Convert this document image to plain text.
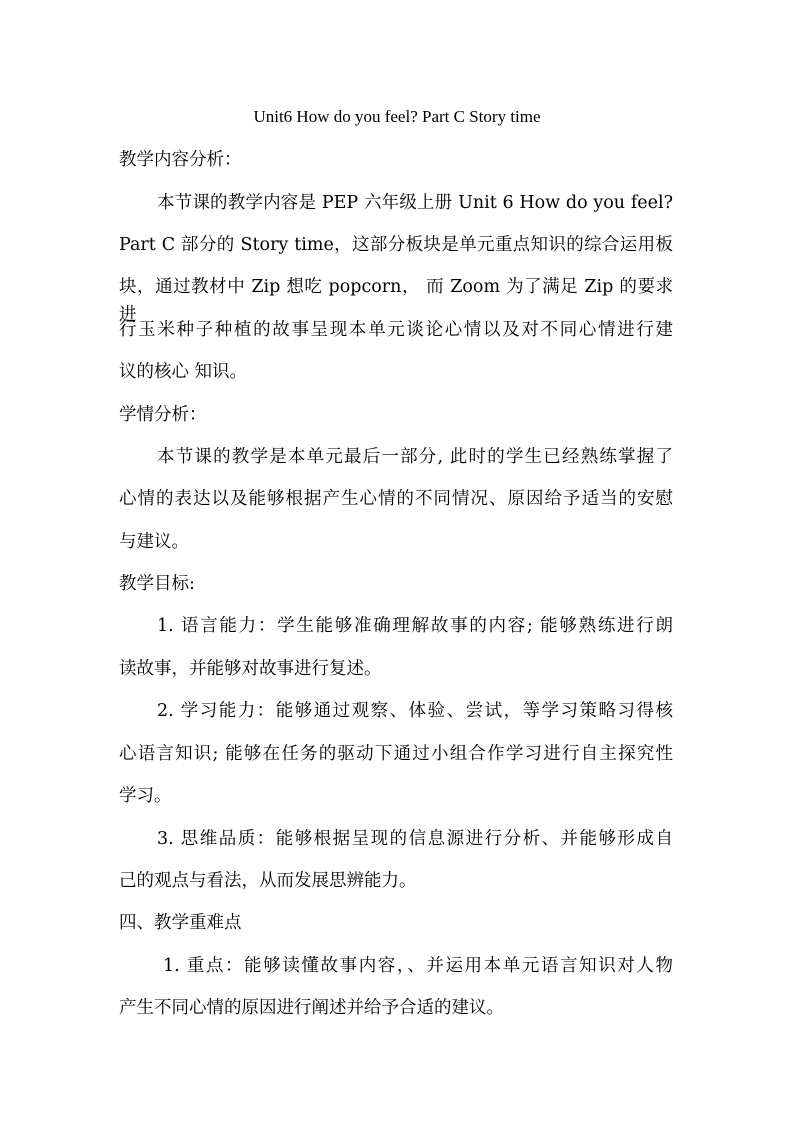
Unit6 How do you feel? Part C Story time
教学内容分析：
本节课的教学内容是 PEP 六年级上册 Unit 6 How do you feel?
Part C 部分的 Story time，这部分板块是单元重点知识的综合运用板
块，通过教材中 Zip 想吃 popcorn， 而 Zoom 为了满足 Zip 的要求进
行玉米种子种植的故事呈现本单元谈论心情以及对不同心情进行建
议的核心 知识。
学情分析：
本节课的教学是本单元最后一部分, 此时的学生已经熟练掌握了
心情的表达以及能够根据产生心情的不同情况、原因给予适当的安慰
与建议。
教学目标:
1. 语言能力：学生能够准确理解故事的内容; 能够熟练进行朗
读故事，并能够对故事进行复述。
2. 学习能力：能够通过观察、体验、尝试，等学习策略习得核
心语言知识; 能够在任务的驱动下通过小组合作学习进行自主探究性
学习。
3. 思维品质：能够根据呈现的信息源进行分析、并能够形成自
己的观点与看法，从而发展思辨能力。
四、教学重难点
1. 重点：能够读懂故事内容，、并运用本单元语言知识对人物
产生不同心情的原因进行阐述并给予合适的建议。
